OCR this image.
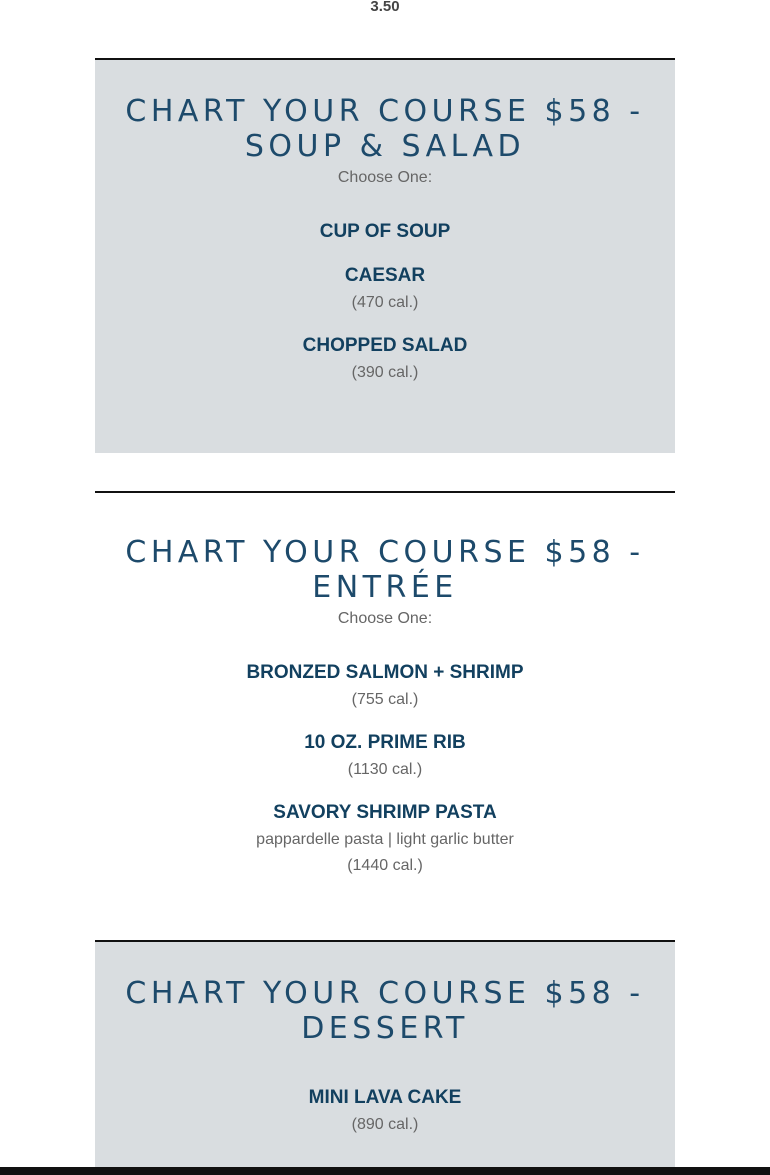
3.50
CHART YOUR COURSE $58 - SOUP & SALAD
Choose One:
CUP OF SOUP
CAESAR
(470 cal.)
CHOPPED SALAD
(390 cal.)
CHART YOUR COURSE $58 - ENTRÉE
Choose One:
BRONZED SALMON + SHRIMP
(755 cal.)
10 OZ. PRIME RIB
(1130 cal.)
SAVORY SHRIMP PASTA
pappardelle pasta | light garlic butter
(1440 cal.)
CHART YOUR COURSE $58 - DESSERT
MINI LAVA CAKE
(890 cal.)
